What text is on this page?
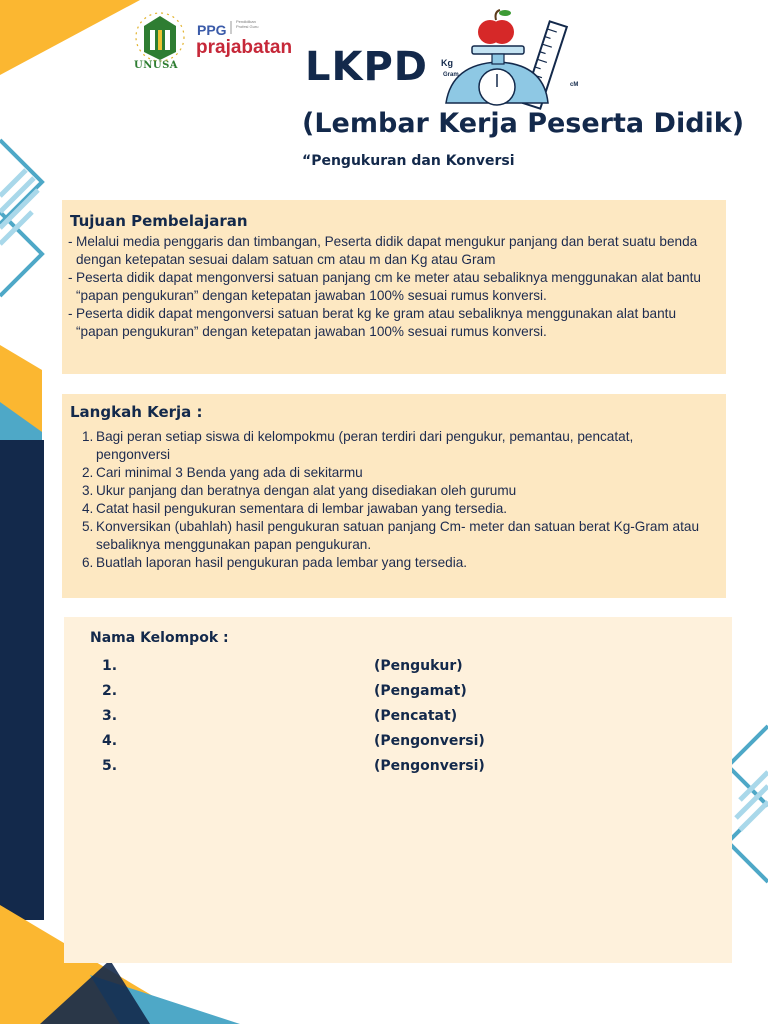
UNUSA
PPG
Pendidikan Profesi Guru
prajabatan LKPD
(Lembar Kerja Peserta Didik)
“Pengukuran dan Konversi
Kg
Gram
cM
Tujuan Pembelajaran
- Melalui media penggaris dan timbangan, Peserta didik dapat mengukur panjang dan berat suatu benda dengan ketepatan sesuai dalam satuan cm atau m dan Kg atau Gram
- Peserta didik dapat mengonversi satuan panjang cm ke meter atau sebaliknya menggunakan alat bantu “papan pengukuran” dengan ketepatan jawaban 100% sesuai rumus konversi.
- Peserta didik dapat mengonversi satuan berat kg ke gram atau sebaliknya menggunakan alat bantu “papan pengukuran” dengan ketepatan jawaban 100% sesuai rumus konversi.
Langkah Kerja :
1. Bagi peran setiap siswa di kelompokmu (peran terdiri dari pengukur, pemantau, pencatat, pengonversi
2. Cari minimal 3 Benda yang ada di sekitarmu
3. Ukur panjang dan beratnya dengan alat yang disediakan oleh gurumu
4. Catat hasil pengukuran sementara di lembar jawaban yang tersedia.
5. Konversikan (ubahlah) hasil pengukuran satuan panjang Cm- meter dan satuan berat Kg-Gram atau sebaliknya menggunakan papan pengukuran.
6. Buatlah laporan hasil pengukuran pada lembar yang tersedia.
Nama Kelompok :
1.	(Pengukur)
2.	(Pengamat)
3.	(Pencatat)
4.	(Pengonversi)
5.	(Pengonversi)
